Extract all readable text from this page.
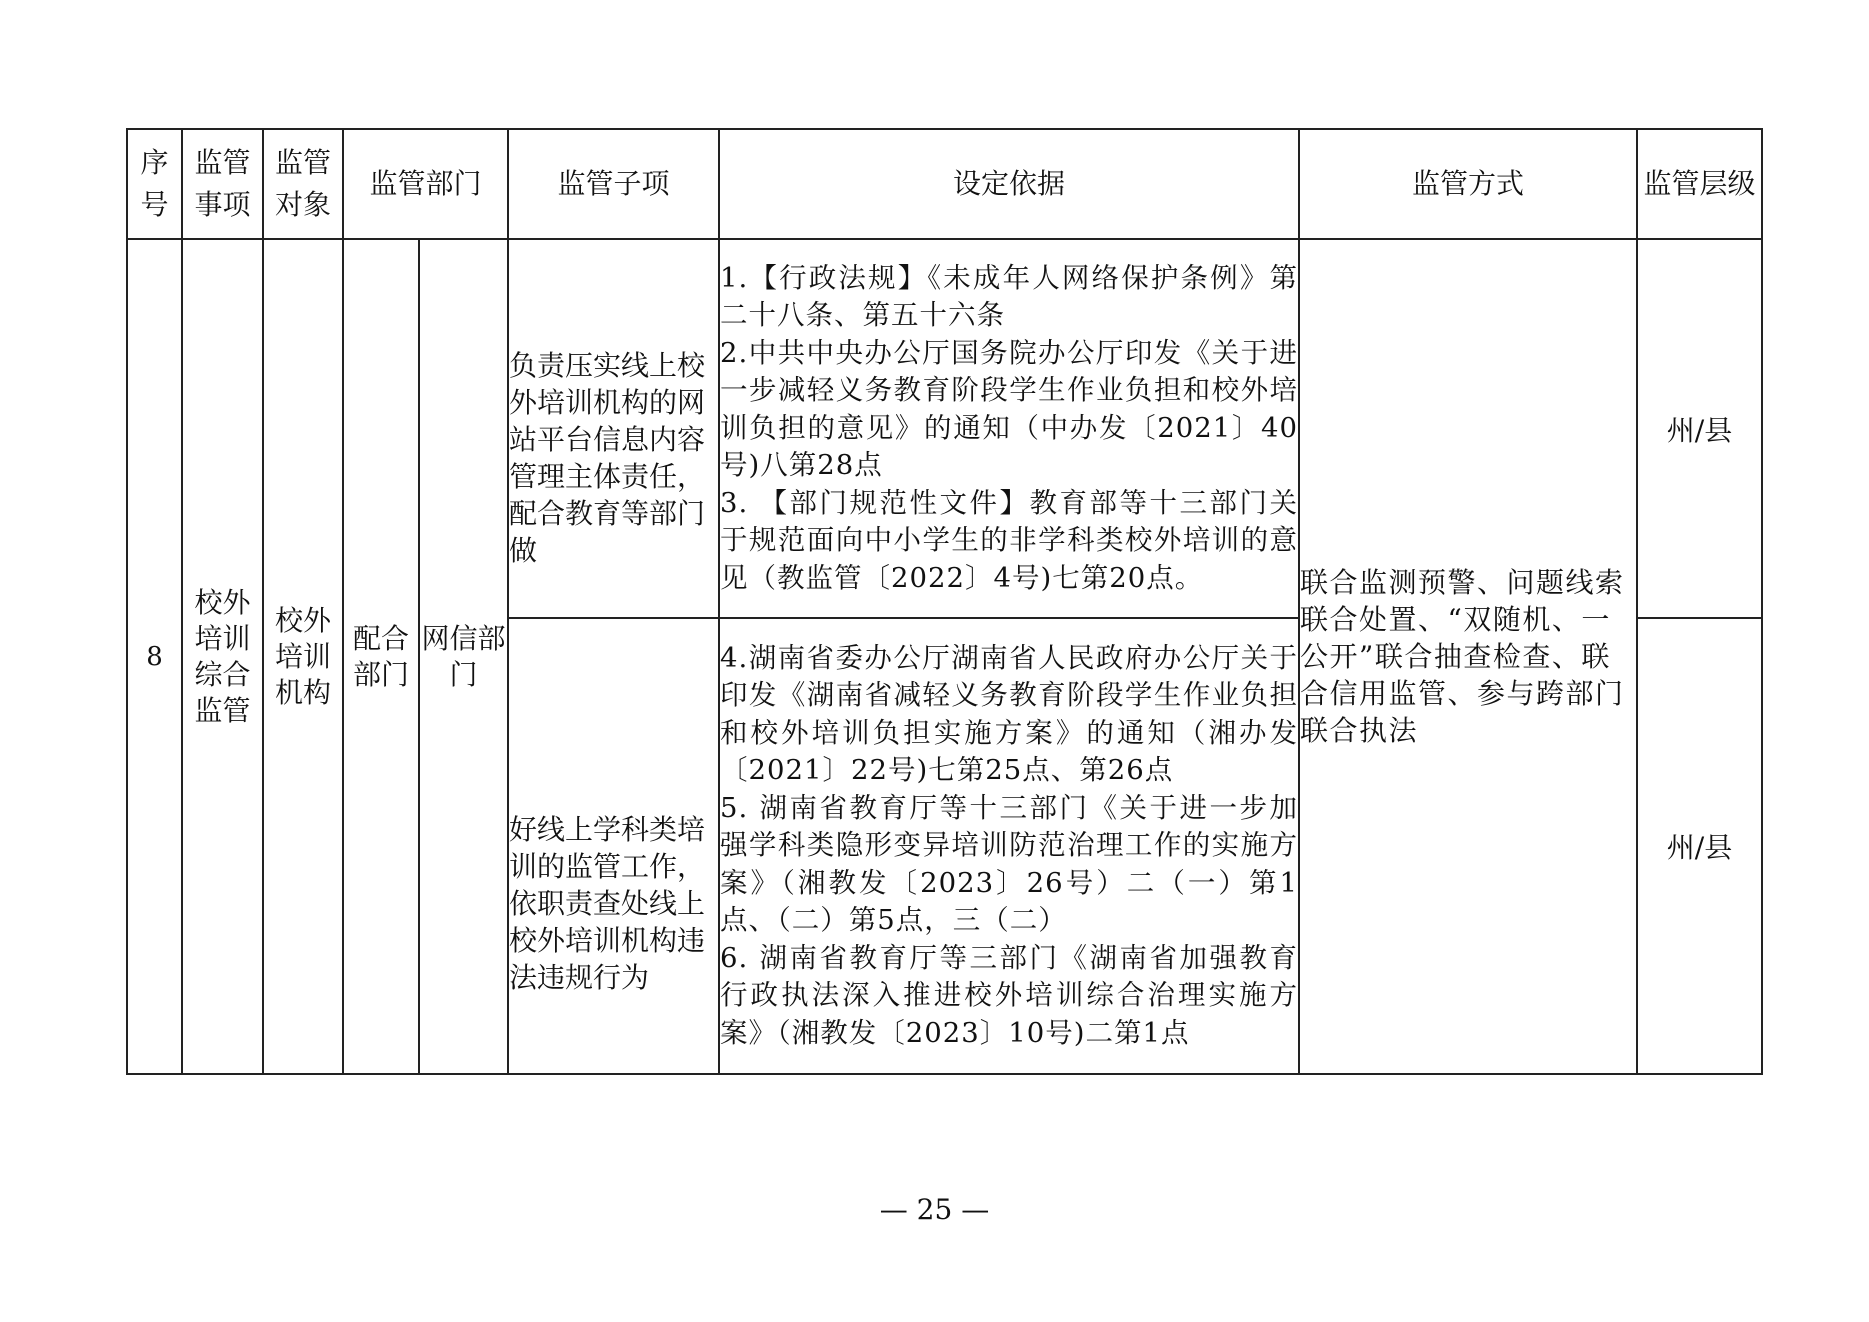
序号	监管事项	监管对象	监管部门		监管子项	设定依据	监管方式	监管层级
8	校外培训综合监管	校外培训机构	配合部门	网信部门	负责压实线上校外培训机构的网站平台信息内容管理主体责任，配合教育等部门做	1.【行政法规】《未成年人网络保护条例》第二十八条、第五十六条

2.中共中央办公厅国务院办公厅印发《关于进一步减轻义务教育阶段学生作业负担和校外培训负担的意见》的通知（中办发〔2021〕40号)八第28点

3. 【部门规范性文件】教育部等十三部门关于规范面向中小学生的非学科类校外培训的意见（教监管〔2022〕4号)七第20点。	联合监测预警、问题线索联合处置、“双随机、一公开”联合抽查检查、联合信用监管、参与跨部门联合执法	州/县
					好线上学科类培训的监管工作，依职责查处线上校外培训机构违法违规行为	4.湖南省委办公厅湖南省人民政府办公厅关于印发《湖南省减轻义务教育阶段学生作业负担和校外培训负担实施方案》的通知（湘办发〔2021〕22号)七第25点、第26点

5. 湖南省教育厅等十三部门《关于进一步加强学科类隐形变异培训防范治理工作的实施方案》（湘教发〔2023〕26号）二（一）第1点、（二）第5点，三（二）

6. 湖南省教育厅等三部门《湖南省加强教育行政执法深入推进校外培训综合治理实施方案》（湘教发〔2023〕10号)二第1点		州/县
— 25 —
